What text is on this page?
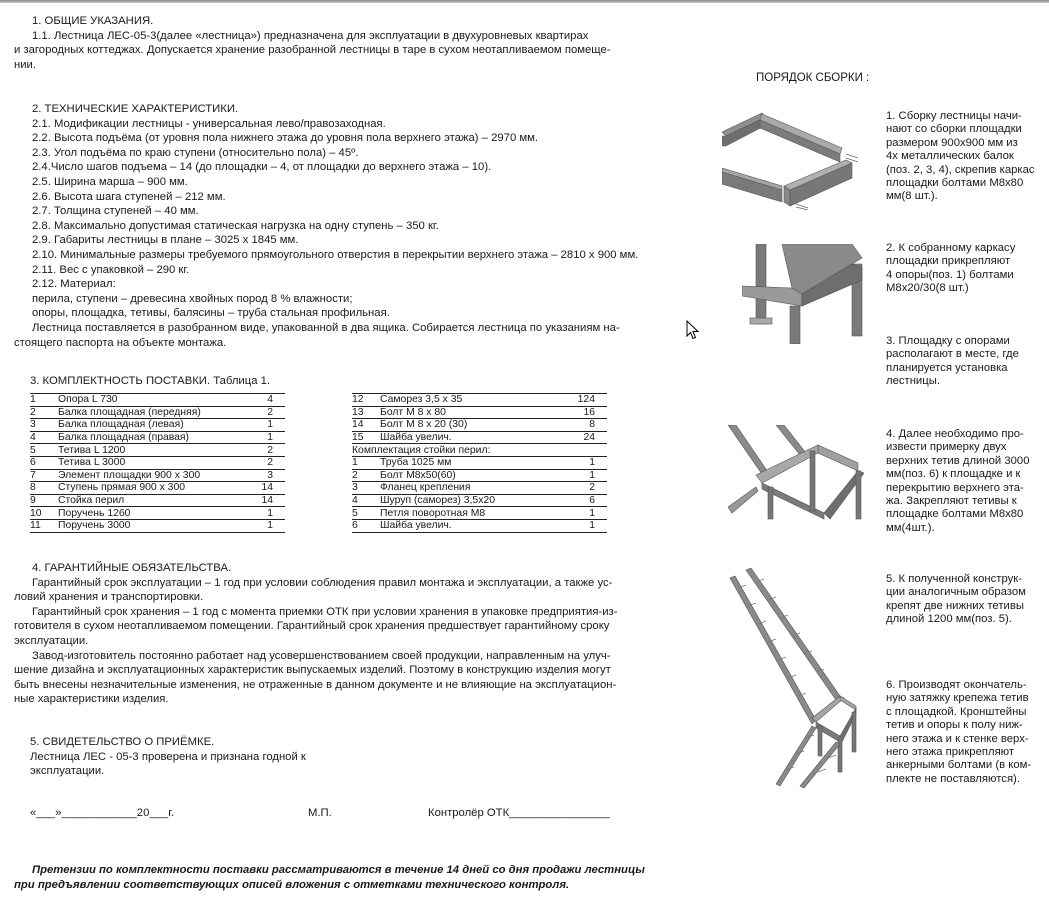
1. ОБЩИЕ УКАЗАНИЯ.
1.1. Лестница ЛЕС-05-3(далее «лестница») предназначена для эксплуатации в двухуровневых квартирах
и загородных коттеджах. Допускается хранение разобранной лестницы в таре в сухом неотапливаемом помеще-
нии.
2. ТЕХНИЧЕСКИЕ ХАРАКТЕРИСТИКИ.
2.1. Модификации лестницы - универсальная лево/правозаходная.
2.2. Высота подъёма (от уровня пола нижнего этажа до уровня пола верхнего этажа) – 2970 мм.
2.3. Угол подъёма по краю ступени (относительно пола) – 45º.
2.4.Число шагов подъема – 14 (до площадки – 4, от площадки до верхнего этажа – 10).
2.5. Ширина марша – 900 мм.
2.6. Высота шага ступеней – 212 мм.
2.7. Толщина ступеней – 40 мм.
2.8. Максимально допустимая статическая нагрузка на одну ступень – 350 кг.
2.9. Габариты лестницы в плане – 3025 х 1845 мм.
2.10. Минимальные размеры требуемого прямоугольного отверстия в перекрытии верхнего этажа – 2810 х 900 мм.
2.11. Вес с упаковкой – 290 кг.
2.12. Материал:
перила, ступени – древесина хвойных пород 8 % влажности;
опоры, площадка, тетивы, балясины – труба стальная профильная.
Лестница поставляется в разобранном виде, упакованной в два ящика. Собирается лестница по указаниям на-
стоящего паспорта на объекте монтажа.
3. КОМПЛЕКТНОСТЬ ПОСТАВКИ. Таблица 1.
1	Опора L 730	4
2	Балка площадная (передняя)	2
3	Балка площадная (левая)	1
4	Балка площадная (правая)	1
5	Тетива L 1200	2
6	Тетива L 3000	2
7	Элемент площадки 900 х 300	3
8	Ступень прямая 900 х 300	14
9	Стойка перил	14
10	Поручень 1260	1
11	Поручень 3000	1
12	Саморез 3,5 х 35	124
13	Болт М 8 х 80	16
14	Болт М 8 х 20 (30)	8
15	Шайба увелич.	24
Комплектация стойки перил:		
1	Труба 1025 мм	1
2	Болт М8х50(60)	1
3	Фланец крепления	2
4	Шуруп (саморез) 3,5х20	6
5	Петля поворотная М8	1
6	Шайба увелич.	1
4. ГАРАНТИЙНЫЕ ОБЯЗАТЕЛЬСТВА.
Гарантийный срок эксплуатации – 1 год при условии соблюдения правил монтажа и эксплуатации, а также ус-
ловий хранения и транспортировки.
Гарантийный срок хранения – 1 год с момента приемки ОТК при условии хранения в упаковке предприятия-из-
готовителя в сухом неотапливаемом помещении. Гарантийный срок хранения предшествует гарантийному сроку
эксплуатации.
Завод-изготовитель постоянно работает над усовершенствованием своей продукции, направленным на улуч-
шение дизайна и эксплуатационных характеристик выпускаемых изделий. Поэтому в конструкцию изделия могут
быть внесены незначительные изменения, не отраженные в данном документе и не влияющие на эксплуатацион-
ные характеристики изделия.
5. СВИДЕТЕЛЬСТВО О ПРИЁМКЕ.
Лестница ЛЕС - 05-3 проверена и признана годной к
эксплуатации.
«___»____________20___г.	М.П.	Контролёр ОТК________________
Претензии по комплектности поставки рассматриваются в течение 14 дней со дня продажи лестницы
при предъявлении соответствующих описей вложения с отметками технического контроля.
ПОРЯДОК СБОРКИ :
1. Сборку лестницы начи-
нают со сборки площадки
размером 900х900 мм из
4х металлических балок
(поз. 2, 3, 4), скрепив каркас
площадки болтами М8х80
мм(8 шт.).
2. К собранному каркасу
площадки прикрепляют
4 опоры(поз. 1) болтами
М8х20/30(8 шт.)
3. Площадку с опорами
располагают в месте, где
планируется установка
лестницы.
4. Далее необходимо про-
извести примерку двух
верхних тетив длиной 3000
мм(поз. 6) к площадке и к
перекрытию верхнего эта-
жа. Закрепляют тетивы к
площадке болтами М8х80
мм(4шт.).
5. К полученной конструк-
ции аналогичным образом
крепят две нижних тетивы
длиной 1200 мм(поз. 5).
6. Производят окончатель-
ную затяжку крепежа тетив
с площадкой. Кронштейны
тетив и опоры к полу ниж-
него этажа и к стенке верх-
него этажа прикрепляют
анкерными болтами (в ком-
плекте не поставляются).
